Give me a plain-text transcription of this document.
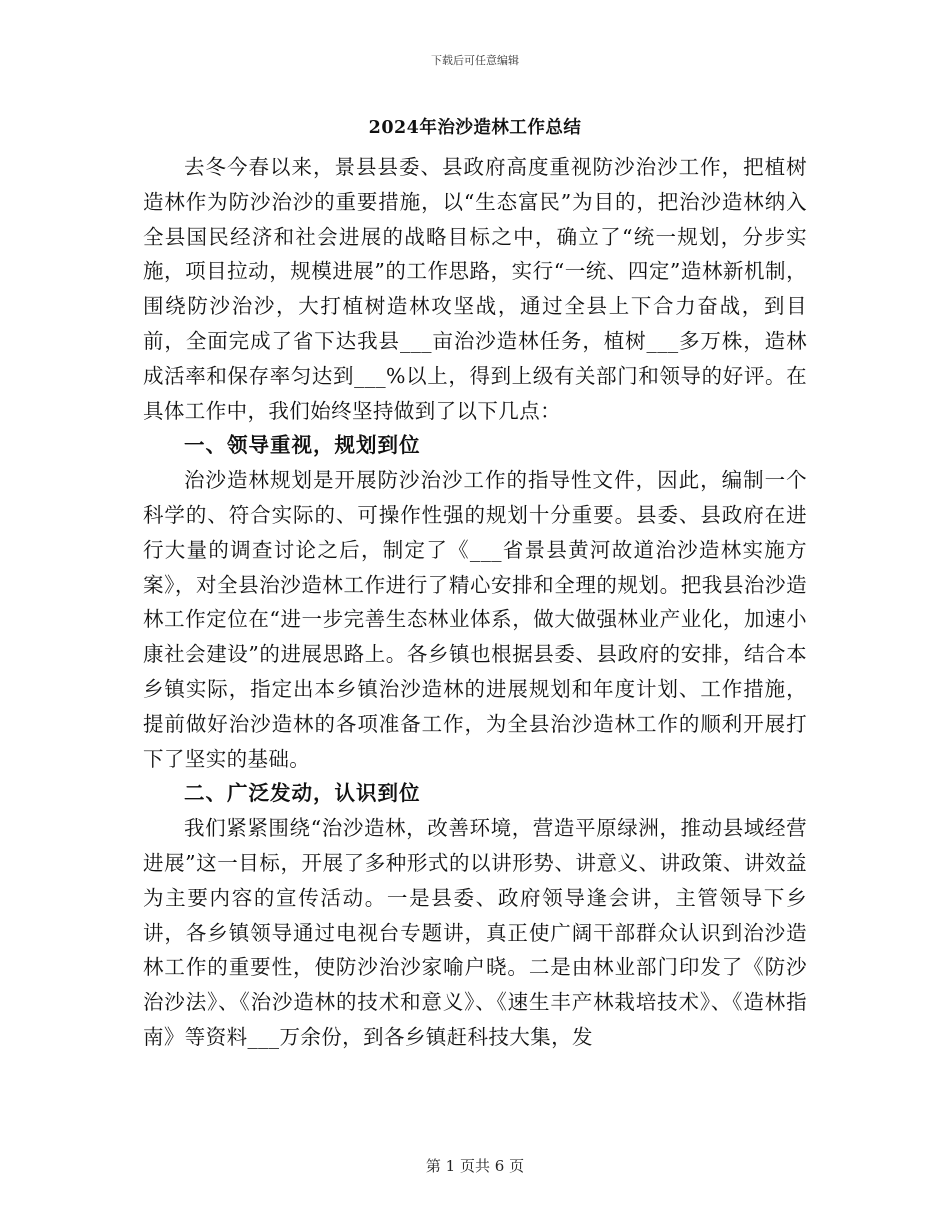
下载后可任意编辑
2024年治沙造林工作总结

去冬今春以来，景县县委、县政府高度重视防沙治沙工作，把植树造林作为防沙治沙的重要措施，以“生态富民”为目的，把治沙造林纳入全县国民经济和社会进展的战略目标之中，确立了“统一规划，分步实施，项目拉动，规模进展”的工作思路，实行“一统、四定”造林新机制，围绕防沙治沙，大打植树造林攻坚战，通过全县上下合力奋战，到目前，全面完成了省下达我县___亩治沙造林任务，植树___多万株，造林成活率和保存率匀达到___%以上，得到上级有关部门和领导的好评。在具体工作中，我们始终坚持做到了以下几点：

一、领导重视，规划到位

治沙造林规划是开展防沙治沙工作的指导性文件，因此，编制一个科学的、符合实际的、可操作性强的规划十分重要。县委、县政府在进行大量的调查讨论之后，制定了《___省景县黄河故道治沙造林实施方案》，对全县治沙造林工作进行了精心安排和全理的规划。把我县治沙造林工作定位在“进一步完善生态林业体系，做大做强林业产业化，加速小康社会建设”的进展思路上。各乡镇也根据县委、县政府的安排，结合本乡镇实际，指定出本乡镇治沙造林的进展规划和年度计划、工作措施，提前做好治沙造林的各项准备工作，为全县治沙造林工作的顺利开展打下了坚实的基础。

二、广泛发动，认识到位

我们紧紧围绕“治沙造林，改善环境，营造平原绿洲，推动县域经营进展”这一目标，开展了多种形式的以讲形势、讲意义、讲政策、讲效益为主要内容的宣传活动。一是县委、政府领导逢会讲，主管领导下乡讲，各乡镇领导通过电视台专题讲，真正使广阔干部群众认识到治沙造林工作的重要性，使防沙治沙家喻户晓。二是由林业部门印发了《防沙治沙法》、《治沙造林的技术和意义》、《速生丰产林栽培技术》、《造林指南》等资料___万余份，到各乡镇赶科技大集，发

第 1 页共 6 页
